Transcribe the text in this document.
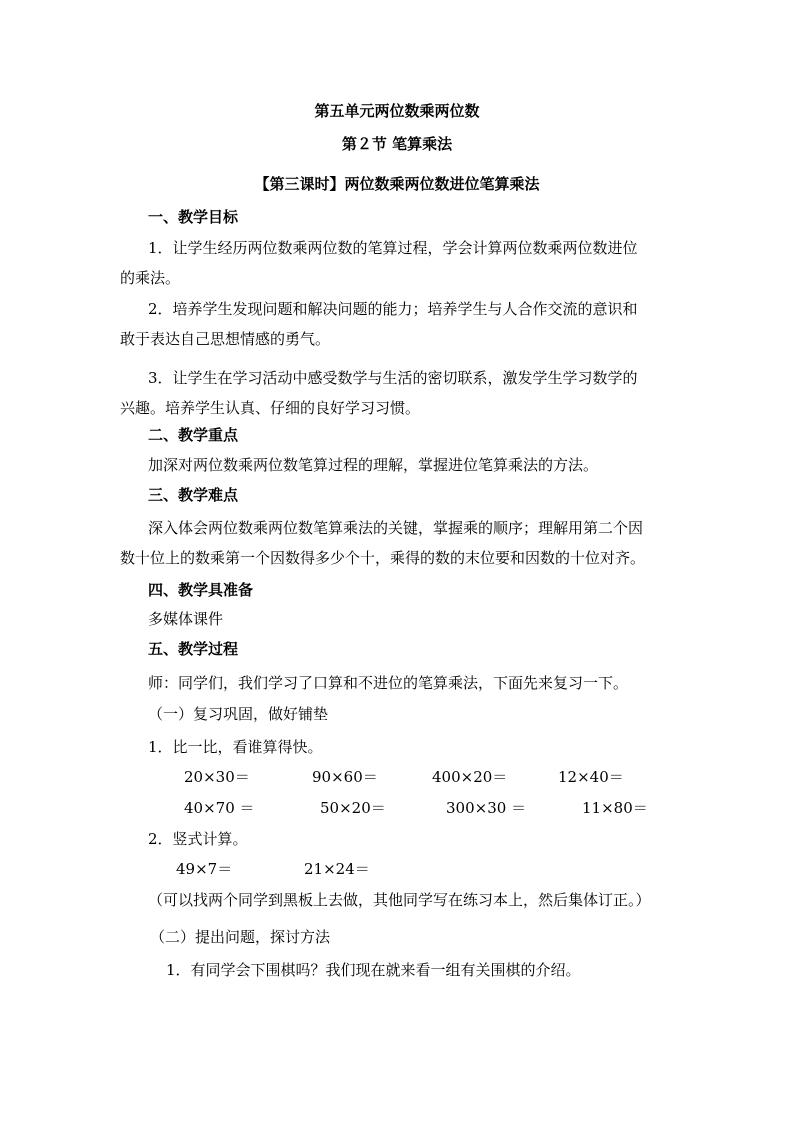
第五单元两位数乘两位数
第２节 笔算乘法
【第三课时】两位数乘两位数进位笔算乘法
一、教学目标
1．让学生经历两位数乘两位数的笔算过程，学会计算两位数乘两位数进位
的乘法。
2．培养学生发现问题和解决问题的能力；培养学生与人合作交流的意识和
敢于表达自己思想情感的勇气。
3．让学生在学习活动中感受数学与生活的密切联系，激发学生学习数学的
兴趣。培养学生认真、仔细的良好学习习惯。
二、教学重点
加深对两位数乘两位数笔算过程的理解，掌握进位笔算乘法的方法。
三、教学难点
深入体会两位数乘两位数笔算乘法的关键，掌握乘的顺序；理解用第二个因
数十位上的数乘第一个因数得多少个十，乘得的数的末位要和因数的十位对齐。
四、教学具准备
多媒体课件
五、教学过程
师：同学们，我们学习了口算和不进位的笔算乘法，下面先来复习一下。
（一）复习巩固，做好铺垫
1．比一比，看谁算得快。
20×30＝	90×60＝	400×20＝	12×40＝
40×70 ＝	50×20＝	300×30 ＝	11×80＝
2．竖式计算。
49×7＝	21×24＝
（可以找两个同学到黑板上去做，其他同学写在练习本上，然后集体订正。）
（二）提出问题，探讨方法
1．有同学会下围棋吗？我们现在就来看一组有关围棋的介绍。
